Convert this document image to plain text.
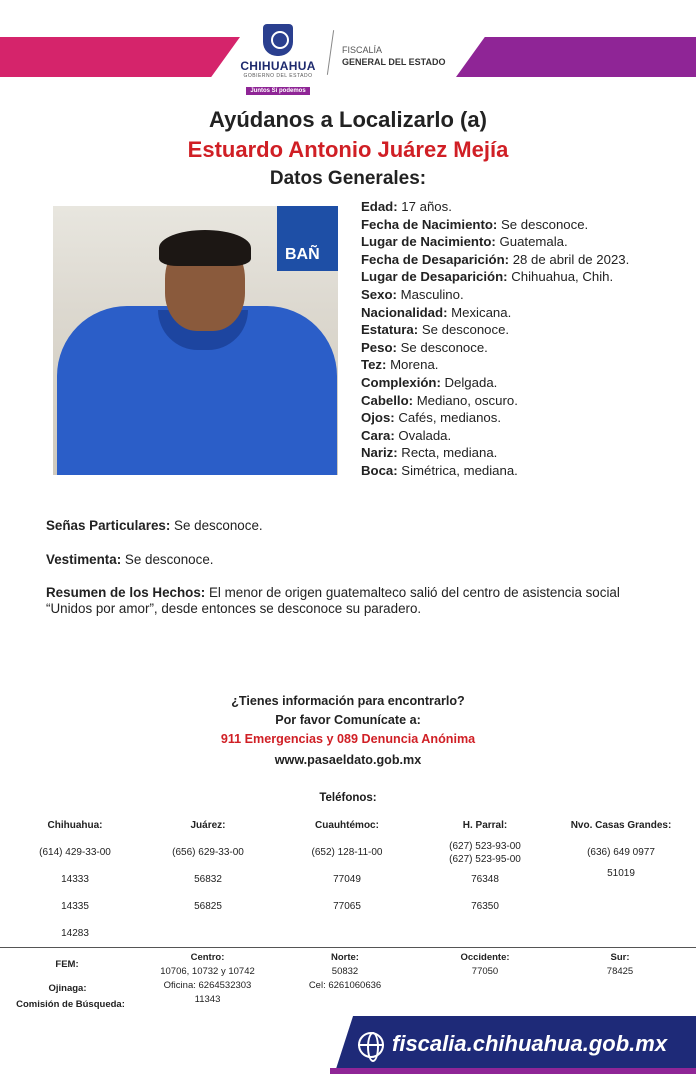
CHIHUAHUA
GOBIERNO DEL ESTADO
Juntos Sí podemos
FISCALÍA
GENERAL DEL ESTADO
Ayúdanos a Localizarlo (a)
Estuardo Antonio Juárez Mejía
Datos Generales:
BAÑ
Edad: 17 años.
Fecha de Nacimiento: Se desconoce.
Lugar de Nacimiento: Guatemala.
Fecha de Desaparición: 28 de abril de 2023.
Lugar de Desaparición: Chihuahua, Chih.
Sexo: Masculino.
Nacionalidad: Mexicana.
Estatura: Se desconoce.
Peso: Se desconoce.
Tez: Morena.
Complexión: Delgada.
Cabello: Mediano, oscuro.
Ojos: Cafés, medianos.
Cara: Ovalada.
Nariz: Recta, mediana.
Boca: Simétrica, mediana.
Señas Particulares: Se desconoce.
Vestimenta: Se desconoce.
Resumen de los Hechos: El menor de origen guatemalteco salió del centro de asistencia social “Unidos por amor”, desde entonces se desconoce su paradero.
¿Tienes información para encontrarlo?
Por favor Comunícate a:
911 Emergencias y 089 Denuncia Anónima
www.pasaeldato.gob.mx
Teléfonos:
Chihuahua:
(614) 429-33-00
14333
14335
14283
Juárez:
(656) 629-33-00
56832
56825
Cuauhtémoc:
(652) 128-11-00
77049
77065
H. Parral:
(627) 523-93-00
(627) 523-95-00
76348
76350
Nvo. Casas Grandes:
(636) 649 0977
51019
FEM:
Centro:
10706, 10732 y 10742
Oficina: 6264532303
11343
Norte:
50832
Cel: 6261060636
Occidente:
77050
Sur:
78425
Ojinaga:
Comisión de Búsqueda:
fiscalia.chihuahua.gob.mx
